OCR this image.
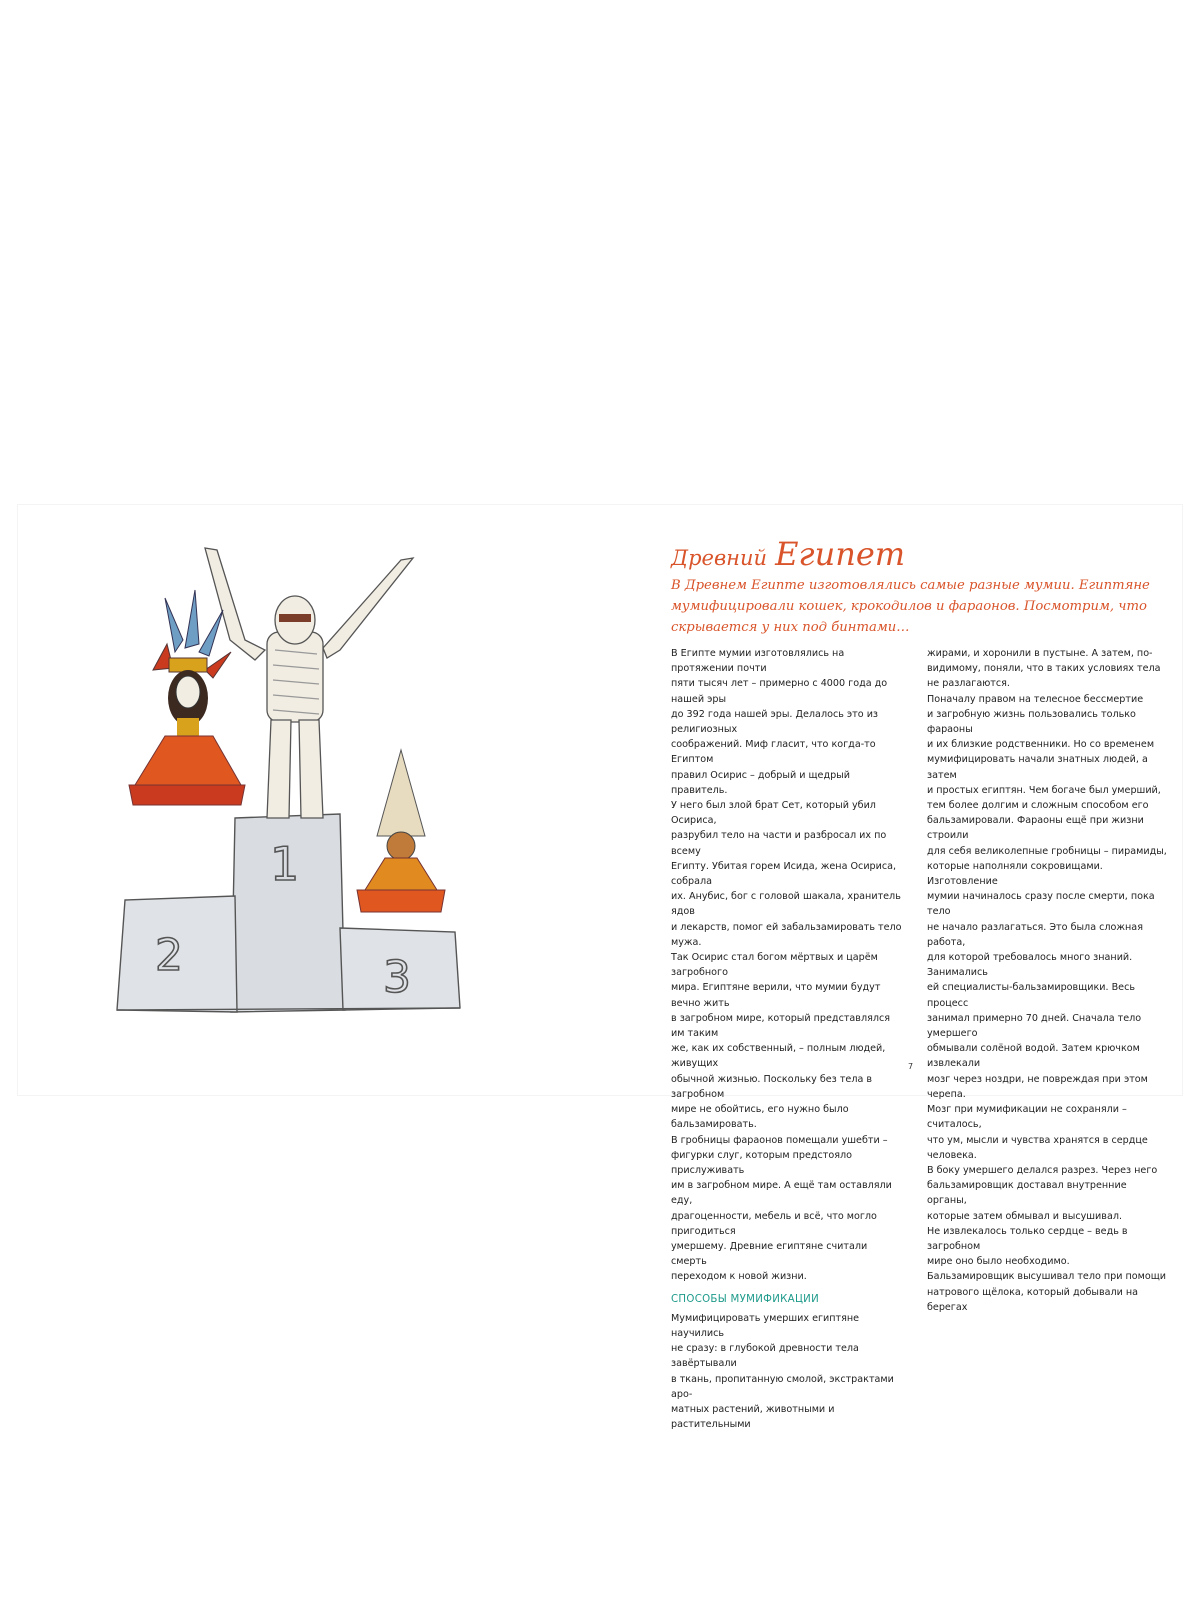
1
2	3
Древний Египет
В Древнем Египте изготовлялись самые разные мумии. Египтяне мумифицировали кошек, крокодилов и фараонов. Посмотрим, что скрывается у них под бинтами…

В Египте мумии изготовлялись на протяжении почти

пяти тысяч лет – примерно с 4000 года до нашей эры

до 392 года нашей эры. Делалось это из религиозных

соображений. Миф гласит, что когда-то Египтом

правил Осирис – добрый и щедрый правитель.

У него был злой брат Сет, который убил Осириса,

разрубил тело на части и разбросал их по всему

Египту. Убитая горем Исида, жена Осириса, собрала

их. Анубис, бог с головой шакала, хранитель ядов

и лекарств, помог ей забальзамировать тело мужа.

Так Осирис стал богом мёртвых и царём загробного

мира. Египтяне верили, что мумии будут вечно жить

в загробном мире, который представлялся им таким

же, как их собственный, – полным людей, живущих

обычной жизнью. Поскольку без тела в загробном

мире не обойтись, его нужно было бальзамировать.

В гробницы фараонов помещали ушебти –

фигурки слуг, которым предстояло прислуживать

им в загробном мире. А ещё там оставляли еду,

драгоценности, мебель и всё, что могло пригодиться

умершему. Древние египтяне считали смерть

переходом к новой жизни.

СПОСОБЫ МУМИФИКАЦИИ

Мумифицировать умерших египтяне научились

не сразу: в глубокой древности тела завёртывали

в ткань, пропитанную смолой, экстрактами аро-

матных растений, животными и растительными

жирами, и хоронили в пустыне. А затем, по-

видимому, поняли, что в таких условиях тела

не разлагаются.

Поначалу правом на телесное бессмертие

и загробную жизнь пользовались только фараоны

и их близкие родственники. Но со временем

мумифицировать начали знатных людей, а затем

и простых египтян. Чем богаче был умерший,

тем более долгим и сложным способом его

бальзамировали. Фараоны ещё при жизни строили

для себя великолепные гробницы – пирамиды,

которые наполняли сокровищами. Изготовление

мумии начиналось сразу после смерти, пока тело

не начало разлагаться. Это была сложная работа,

для которой требовалось много знаний. Занимались

ей специалисты-бальзамировщики. Весь процесс

занимал примерно 70 дней. Сначала тело умершего

обмывали солёной водой. Затем крючком извлекали

мозг через ноздри, не повреждая при этом черепа.

Мозг при мумификации не сохраняли – считалось,

что ум, мысли и чувства хранятся в сердце человека.

В боку умершего делался разрез. Через него

бальзамировщик доставал внутренние органы,

которые затем обмывал и высушивал.

Не извлекалось только сердце – ведь в загробном

мире оно было необходимо.

Бальзамировщик высушивал тело при помощи

натрового щёлока, который добывали на берегах

7
